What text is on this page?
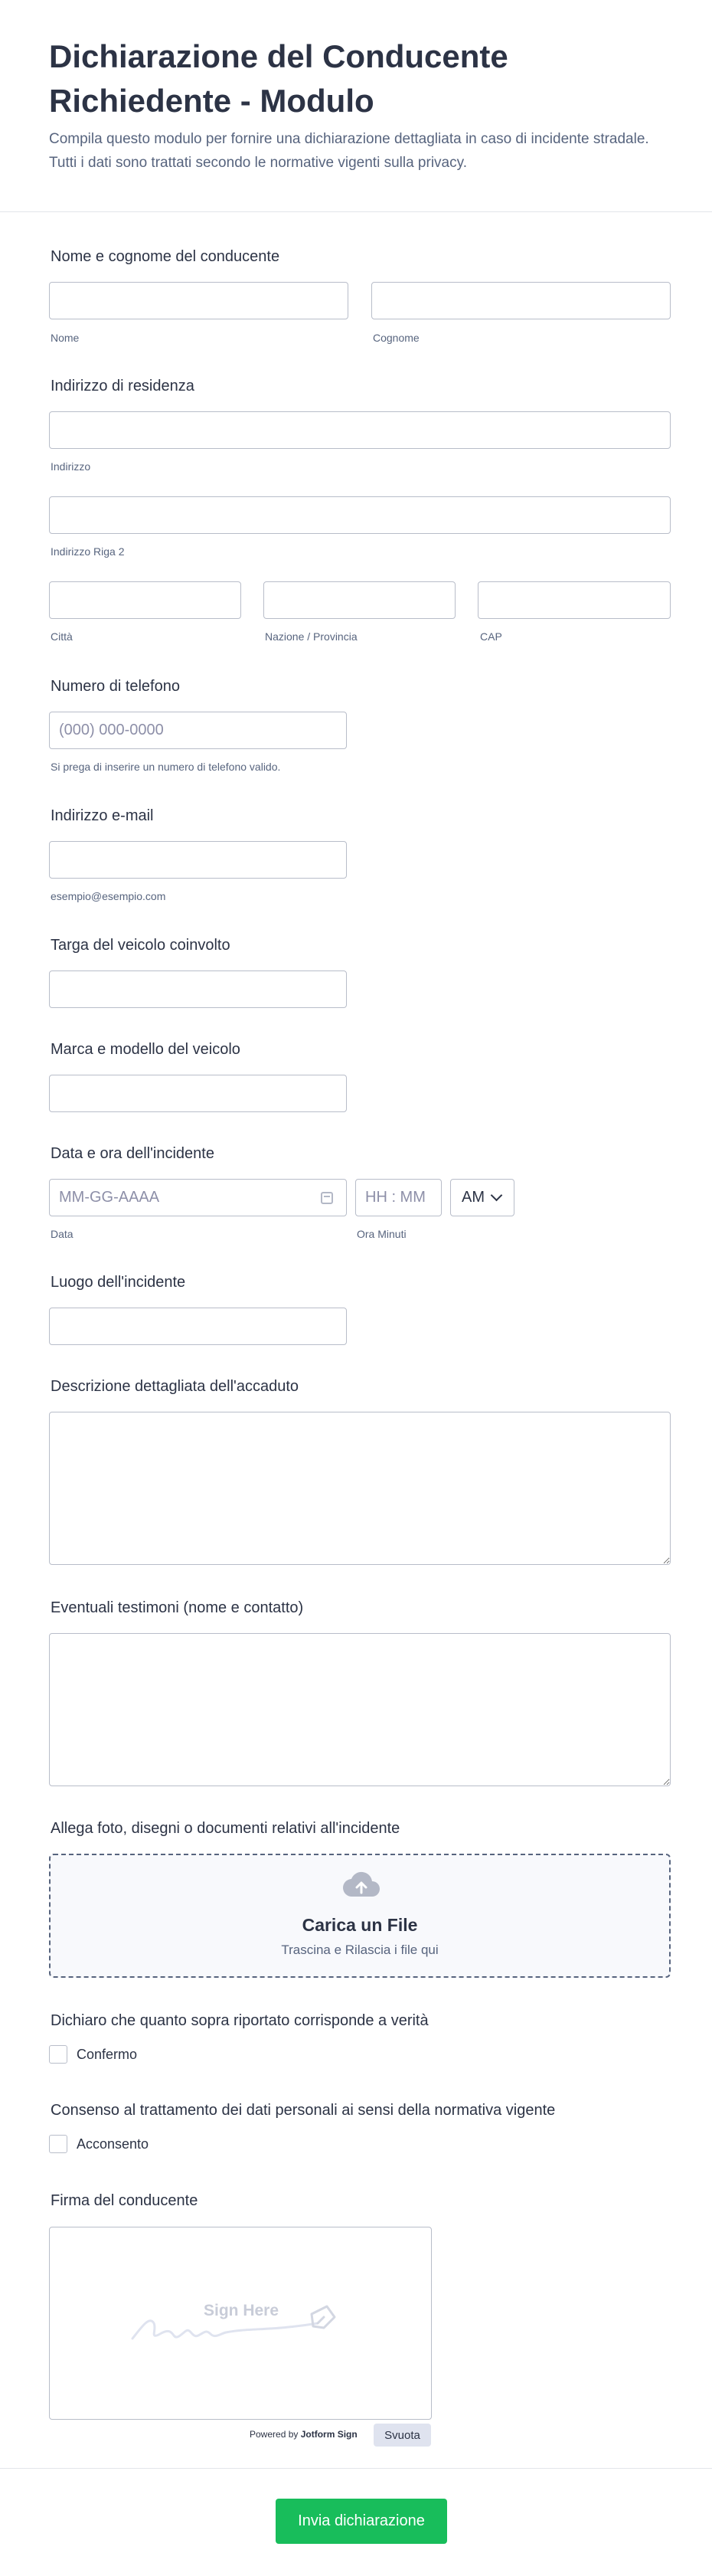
Dichiarazione del Conducente Richiedente - Modulo

Compila questo modulo per fornire una dichiarazione dettagliata in caso di incidente stradale. Tutti i dati sono trattati secondo le normative vigenti sulla privacy.

Nome e cognome del conducente
Nome	Cognome
Indirizzo di residenza
Indirizzo
Indirizzo Riga 2
Città	Nazione / Provincia	CAP
Numero di telefono
(000) 000-0000
Si prega di inserire un numero di telefono valido.
Indirizzo e-mail
esempio@esempio.com
Targa del veicolo coinvolto
Marca e modello del veicolo
Data e ora dell'incidente
MM-GG-AAAA
HH : MM
AM
Data	Ora Minuti
Luogo dell'incidente
Descrizione dettagliata dell'accaduto
Eventuali testimoni (nome e contatto)
Allega foto, disegni o documenti relativi all'incidente
Carica un File
Trascina e Rilascia i file qui
Dichiaro che quanto sopra riportato corrisponde a verità
Confermo
Consenso al trattamento dei dati personali ai sensi della normativa vigente
Acconsento
Firma del conducente
Sign Here
Powered by Jotform Sign	Svuota
Invia dichiarazione
